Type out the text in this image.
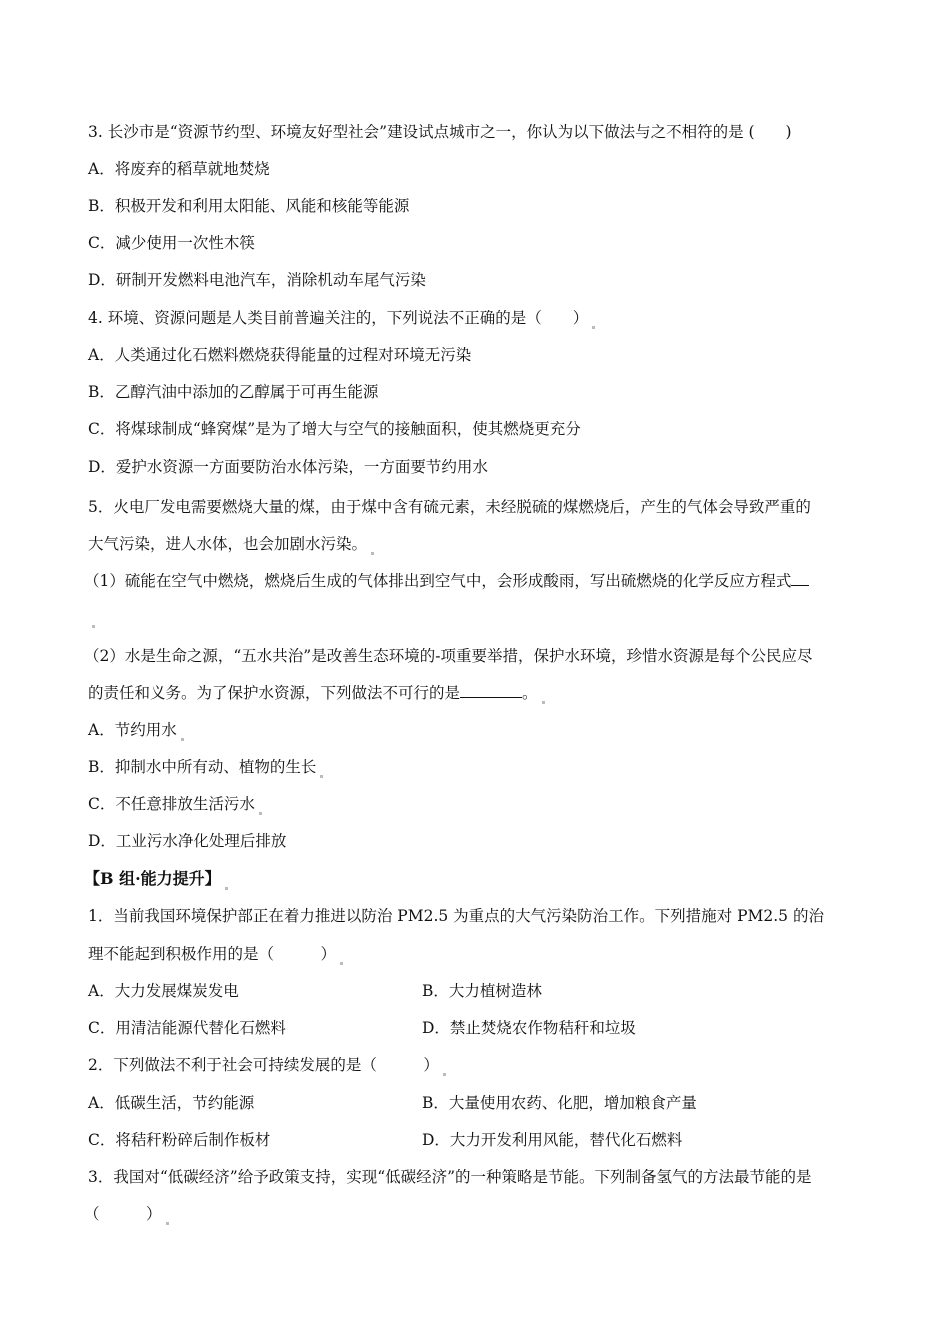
3. 长沙市是“资源节约型、环境友好型社会”建设试点城市之一，你认为以下做法与之不相符的是 (　　)
A．将废弃的稻草就地焚烧
B．积极开发和利用太阳能、风能和核能等能源
C．减少使用一次性木筷
D．研制开发燃料电池汽车，消除机动车尾气污染
4. 环境、资源问题是人类目前普遍关注的，下列说法不正确的是（　　）
A．人类通过化石燃料燃烧获得能量的过程对环境无污染
B．乙醇汽油中添加的乙醇属于可再生能源
C．将煤球制成“蜂窝煤”是为了增大与空气的接触面积，使其燃烧更充分
D．爱护水资源一方面要防治水体污染，一方面要节约用水
5．火电厂发电需要燃烧大量的煤，由于煤中含有硫元素，未经脱硫的煤燃烧后，产生的气体会导致严重的
大气污染，进人水体，也会加剧水污染。
（1）硫能在空气中燃烧，燃烧后生成的气体排出到空气中，会形成酸雨，写出硫燃烧的化学反应方程式
（2）水是生命之源，“五水共治”是改善生态环境的-项重要举措，保护水环境，珍惜水资源是每个公民应尽
的责任和义务。为了保护水资源，下列做法不可行的是	。
A．节约用水
B．抑制水中所有动、植物的生长
C．不任意排放生活污水
D．工业污水净化处理后排放
【B 组·能力提升】
1．当前我国环境保护部正在着力推进以防治 PM2.5 为重点的大气污染防治工作。下列措施对 PM2.5 的治
理不能起到积极作用的是（　　　）
A．大力发展煤炭发电	B．大力植树造林
C．用清洁能源代替化石燃料	D．禁止焚烧农作物秸秆和垃圾
2．下列做法不利于社会可持续发展的是（　　　）
A．低碳生活，节约能源	B．大量使用农药、化肥，增加粮食产量
C．将秸秆粉碎后制作板材	D．大力开发利用风能，替代化石燃料
3．我国对“低碳经济”给予政策支持，实现“低碳经济”的一种策略是节能。下列制备氢气的方法最节能的是
（　　　）
